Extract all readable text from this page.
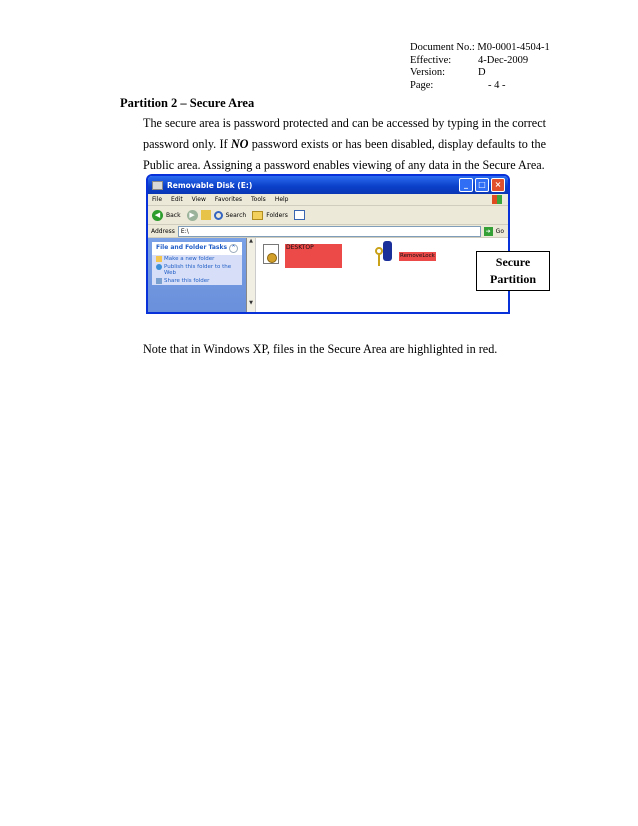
Document No.: M0-0001-4504-1
Effective:	4-Dec-2009
Version:	D
Page:	- 4 -
Partition 2 – Secure Area
The secure area is password protected and can be accessed by typing in the correct password only. If NO password exists or has been disabled, display defaults to the Public area. Assigning a password enables viewing of any data in the Secure Area.
Removable Disk (E:)	_	□	×
File Edit View Favorites Tools Help
◀ Back	▶	Search	Folders
Address	E:\	➜ Go
File and Folder Tasks ^
Make a new folder
Publish this folder to the Web
Share this folder
▲
▼
DESKTOP
RemoveLock	Secure
Partition
Note that in Windows XP, files in the Secure Area are highlighted in red.
